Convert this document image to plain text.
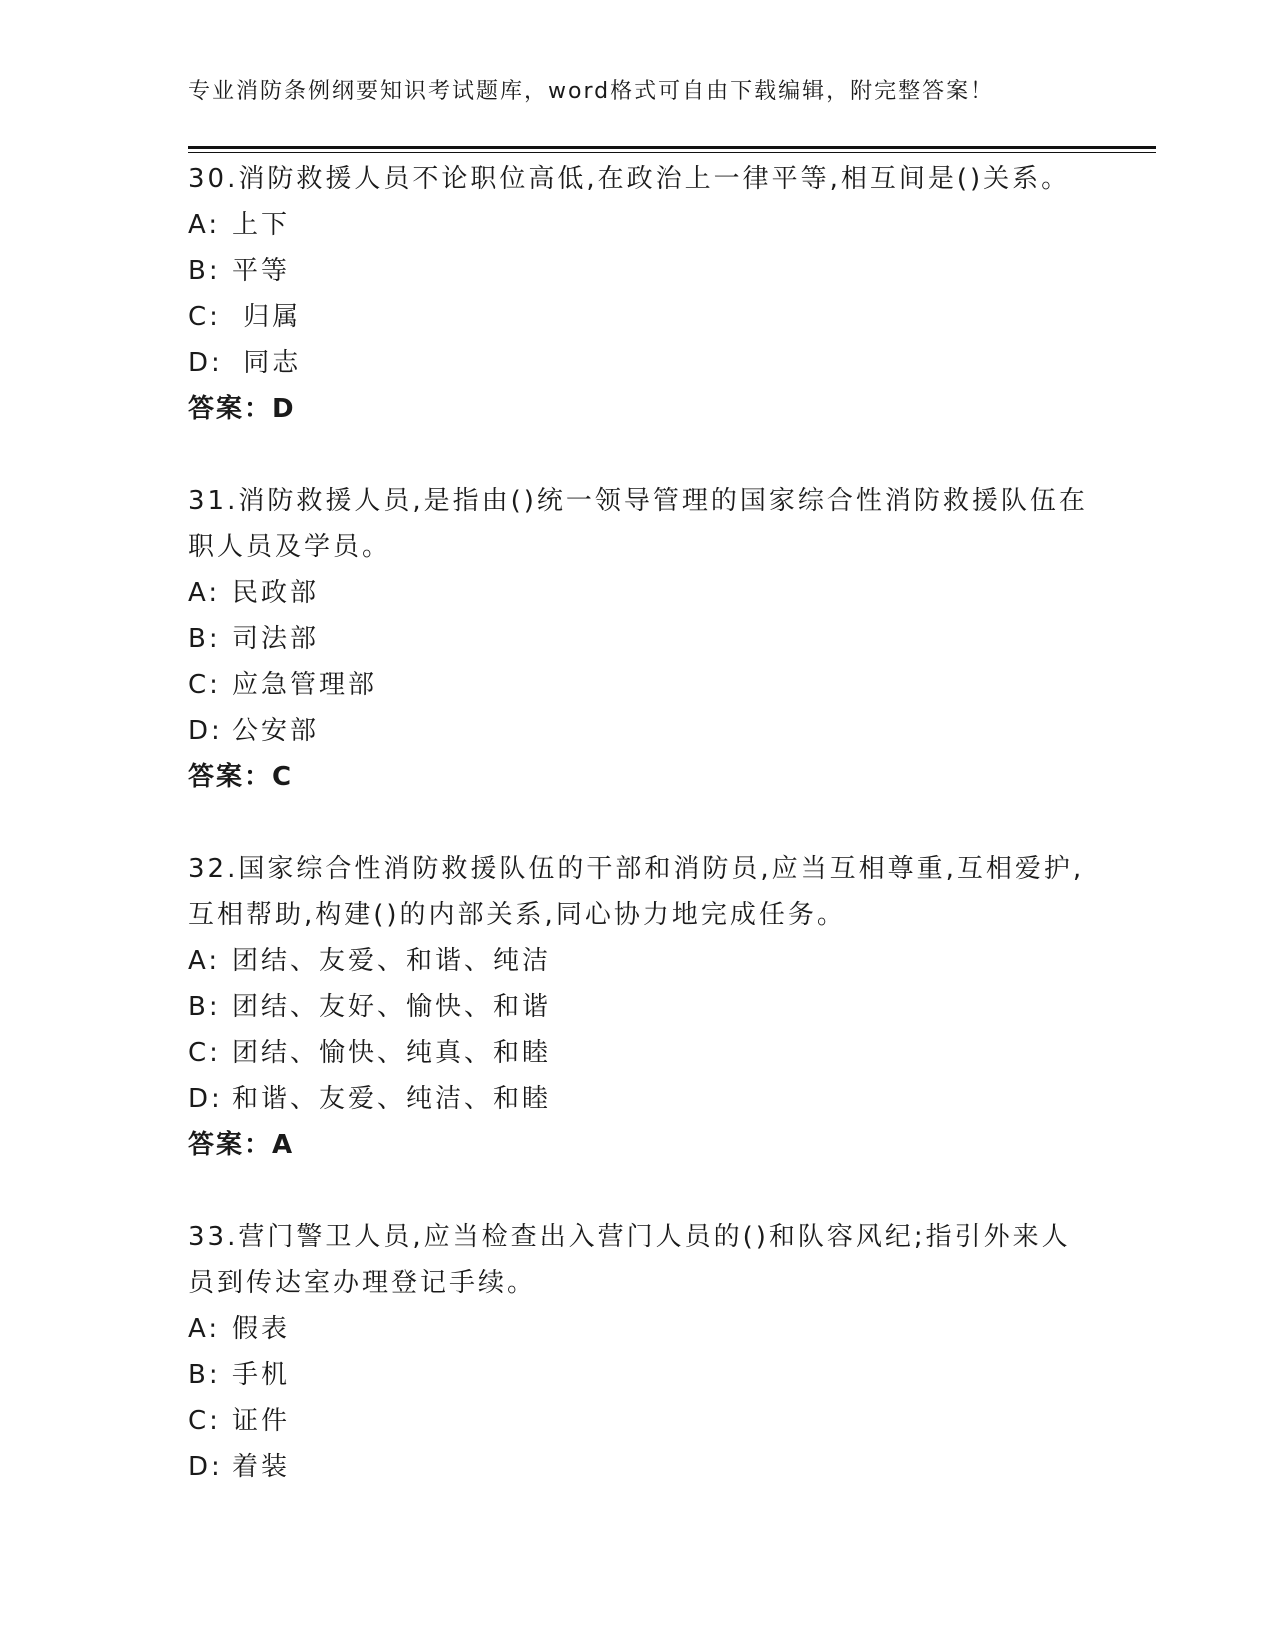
专业消防条例纲要知识考试题库，word格式可自由下载编辑，附完整答案！
30.消防救援人员不论职位高低,在政治上一律平等,相互间是()关系。
A: 上下
B: 平等
C: 归属
D: 同志
答案：D
31.消防救援人员,是指由()统一领导管理的国家综合性消防救援队伍在职人员及学员。
A: 民政部
B: 司法部
C: 应急管理部
D: 公安部
答案：C
32.国家综合性消防救援队伍的干部和消防员,应当互相尊重,互相爱护,互相帮助,构建()的内部关系,同心协力地完成任务。
A: 团结、友爱、和谐、纯洁
B: 团结、友好、愉快、和谐
C: 团结、愉快、纯真、和睦
D: 和谐、友爱、纯洁、和睦
答案：A
33.营门警卫人员,应当检查出入营门人员的()和队容风纪;指引外来人员到传达室办理登记手续。
A: 假表
B: 手机
C: 证件
D: 着装
